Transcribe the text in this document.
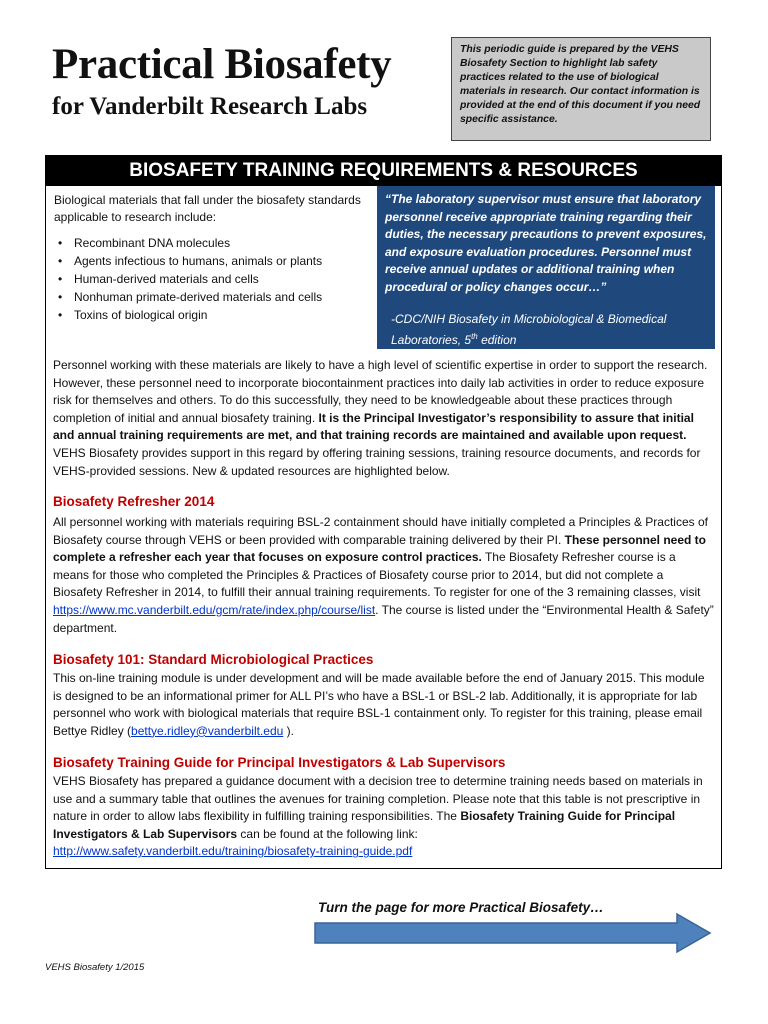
Practical Biosafety
for Vanderbilt Research Labs
This periodic guide is prepared by the VEHS Biosafety Section to highlight lab safety practices related to the use of biological materials in research. Our contact information is provided at the end of this document if you need specific assistance.
BIOSAFETY TRAINING REQUIREMENTS & RESOURCES
Biological materials that fall under the biosafety standards applicable to research include:
• Recombinant DNA molecules
• Agents infectious to humans, animals or plants
• Human-derived materials and cells
• Nonhuman primate-derived materials and cells
• Toxins of biological origin
“The laboratory supervisor must ensure that laboratory personnel receive appropriate training regarding their duties, the necessary precautions to prevent exposures, and exposure evaluation procedures. Personnel must receive annual updates or additional training when procedural or policy changes occur…”
-CDC/NIH Biosafety in Microbiological & Biomedical
Laboratories, 5th edition
Personnel working with these materials are likely to have a high level of scientific expertise in order to support the research. However, these personnel need to incorporate biocontainment practices into daily lab activities in order to reduce exposure risk for themselves and others. To do this successfully, they need to be knowledgeable about these practices through completion of initial and annual biosafety training. It is the Principal Investigator’s responsibility to assure that initial and annual training requirements are met, and that training records are maintained and available upon request. VEHS Biosafety provides support in this regard by offering training sessions, training resource documents, and records for VEHS-provided sessions. New & updated resources are highlighted below.
Biosafety Refresher 2014
All personnel working with materials requiring BSL-2 containment should have initially completed a Principles & Practices of Biosafety course through VEHS or been provided with comparable training delivered by their PI. These personnel need to complete a refresher each year that focuses on exposure control practices. The Biosafety Refresher course is a means for those who completed the Principles & Practices of Biosafety course prior to 2014, but did not complete a Biosafety Refresher in 2014, to fulfill their annual training requirements. To register for one of the 3 remaining classes, visit https://www.mc.vanderbilt.edu/gcm/rate/index.php/course/list. The course is listed under the “Environmental Health & Safety” department.
Biosafety 101: Standard Microbiological Practices
This on-line training module is under development and will be made available before the end of January 2015. This module is designed to be an informational primer for ALL PI’s who have a BSL-1 or BSL-2 lab. Additionally, it is appropriate for lab personnel who work with biological materials that require BSL-1 containment only. To register for this training, please email Bettye Ridley (bettye.ridley@vanderbilt.edu ).
Biosafety Training Guide for Principal Investigators & Lab Supervisors
VEHS Biosafety has prepared a guidance document with a decision tree to determine training needs based on materials in use and a summary table that outlines the avenues for training completion. Please note that this table is not prescriptive in nature in order to allow labs flexibility in fulfilling training responsibilities. The Biosafety Training Guide for Principal Investigators & Lab Supervisors can be found at the following link:
http://www.safety.vanderbilt.edu/training/biosafety-training-guide.pdf
Turn the page for more Practical Biosafety…
VEHS Biosafety 1/2015
